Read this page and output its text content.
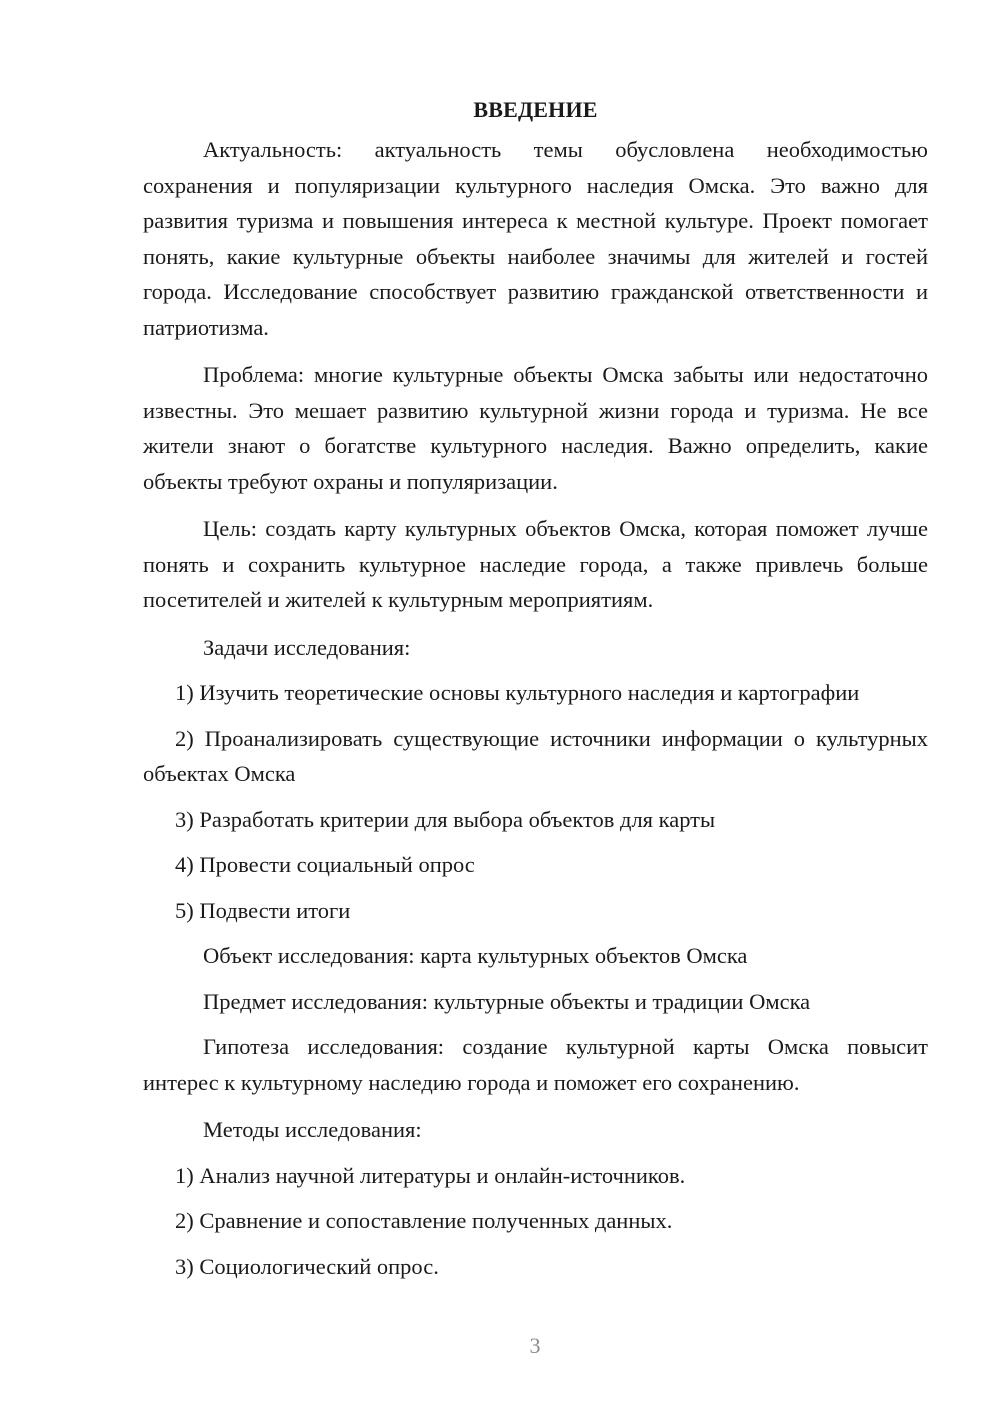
ВВЕДЕНИЕ

Актуальность: актуальность темы обусловлена необходимостью сохранения и популяризации культурного наследия Омска. Это важно для развития туризма и повышения интереса к местной культуре. Проект помогает понять, какие культурные объекты наиболее значимы для жителей и гостей города. Исследование способствует развитию гражданской ответственности и патриотизма.

Проблема: многие культурные объекты Омска забыты или недостаточно известны. Это мешает развитию культурной жизни города и туризма. Не все жители знают о богатстве культурного наследия. Важно определить, какие объекты требуют охраны и популяризации.

Цель: создать карту культурных объектов Омска, которая поможет лучше понять и сохранить культурное наследие города, а также привлечь больше посетителей и жителей к культурным мероприятиям.

Задачи исследования:

1) Изучить теоретические основы культурного наследия и картографии

2) Проанализировать существующие источники информации о культурных объектах Омска

3) Разработать критерии для выбора объектов для карты

4) Провести социальный опрос

5) Подвести итоги

Объект исследования: карта культурных объектов Омска

Предмет исследования: культурные объекты и традиции Омска

Гипотеза исследования: создание культурной карты Омска повысит интерес к культурному наследию города и поможет его сохранению.

Методы исследования:

1) Анализ научной литературы и онлайн-источников.

2) Сравнение и сопоставление полученных данных.

3) Социологический опрос.

3
